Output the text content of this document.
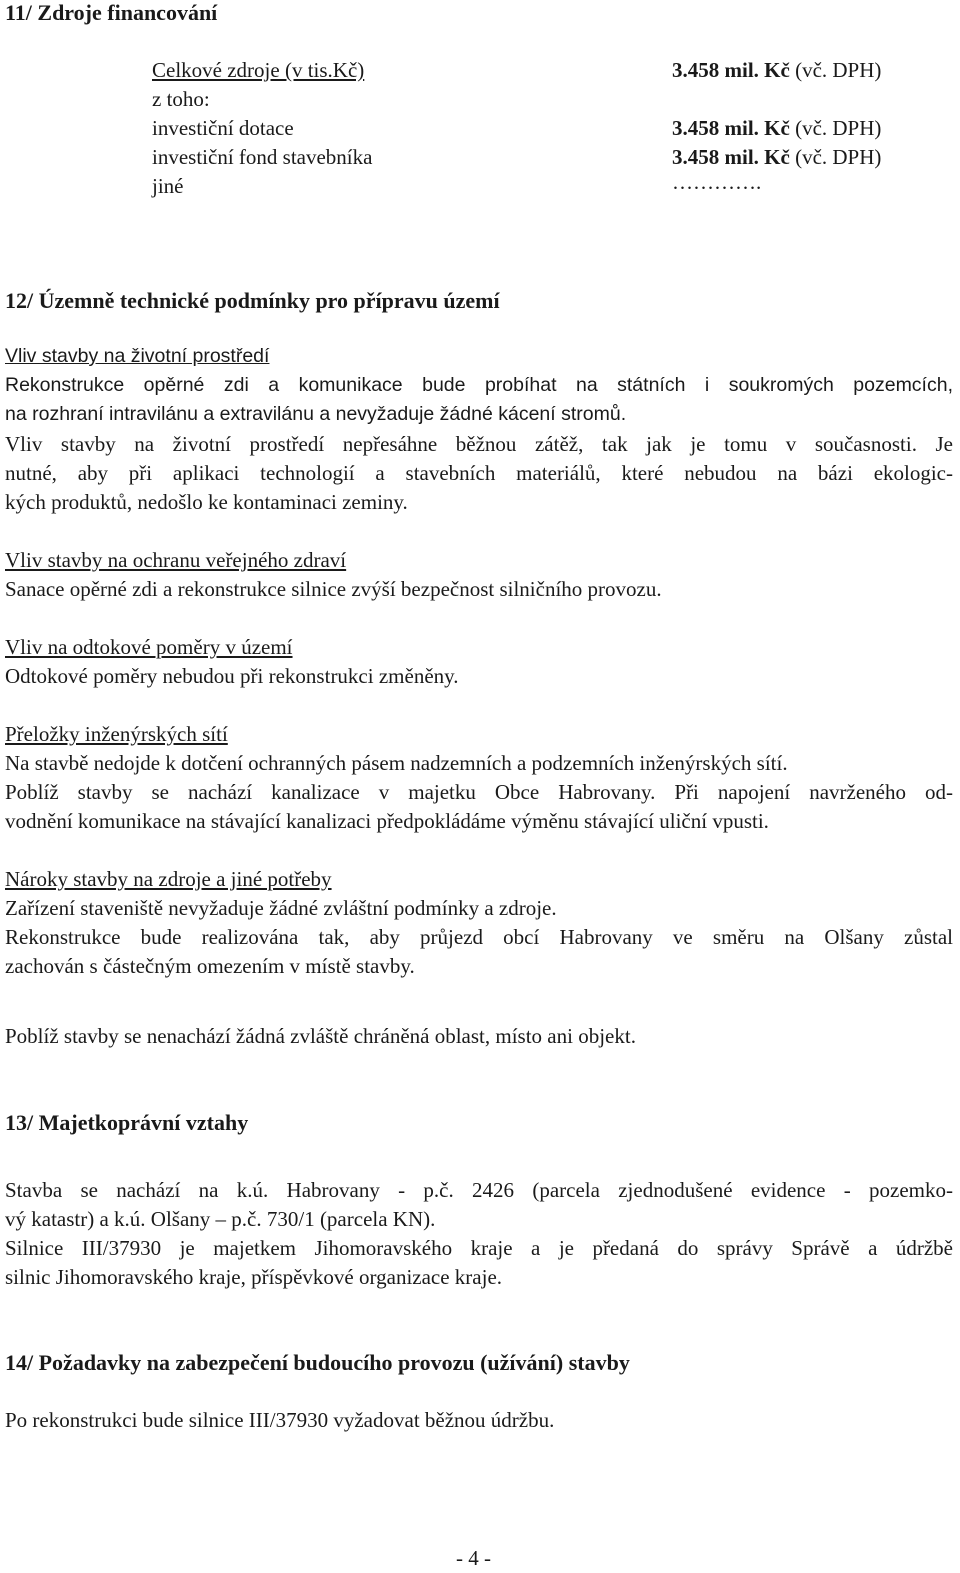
11/ Zdroje financování
Celkové zdroje (v tis.Kč)	3.458 mil. Kč (vč. DPH)
z toho:
investiční dotace	3.458 mil. Kč (vč. DPH)
investiční fond stavebníka	3.458 mil. Kč (vč. DPH)
jiné	………….
12/ Územně technické podmínky pro přípravu území
Vliv stavby na životní prostředí
Rekonstrukce opěrné zdi a komunikace bude probíhat na státních i soukromých pozemcích,
na rozhraní intravilánu a extravilánu a nevyžaduje žádné kácení stromů.
Vliv stavby na životní prostředí nepřesáhne běžnou zátěž, tak jak je tomu v současnosti. Je
nutné, aby při aplikaci technologií a stavebních materiálů, které nebudou na bázi ekologic-
kých produktů, nedošlo ke kontaminaci zeminy.
Vliv stavby na ochranu veřejného zdraví
Sanace opěrné zdi a rekonstrukce silnice zvýší bezpečnost silničního provozu.
Vliv na odtokové poměry v území
Odtokové poměry nebudou při rekonstrukci změněny.
Přeložky inženýrských sítí
Na stavbě nedojde k dotčení ochranných pásem nadzemních a podzemních inženýrských sítí.
Poblíž stavby se nachází kanalizace v majetku Obce Habrovany. Při napojení navrženého od-
vodnění komunikace na stávající kanalizaci předpokládáme výměnu stávající uliční vpusti.
Nároky stavby na zdroje a jiné potřeby
Zařízení staveniště nevyžaduje žádné zvláštní podmínky a zdroje.
Rekonstrukce bude realizována tak, aby průjezd obcí Habrovany ve směru na Olšany zůstal
zachován s částečným omezením v místě stavby.
Poblíž stavby se nenachází žádná zvláště chráněná oblast, místo ani objekt.
13/ Majetkoprávní vztahy
Stavba se nachází na k.ú. Habrovany - p.č. 2426 (parcela zjednodušené evidence - pozemko-
vý katastr) a k.ú. Olšany – p.č. 730/1 (parcela KN).
Silnice III/37930 je majetkem Jihomoravského kraje a je předaná do správy Správě a údržbě
silnic Jihomoravského kraje, příspěvkové organizace kraje.
14/ Požadavky na zabezpečení budoucího provozu (užívání) stavby
Po rekonstrukci bude silnice III/37930 vyžadovat běžnou údržbu.
- 4 -
